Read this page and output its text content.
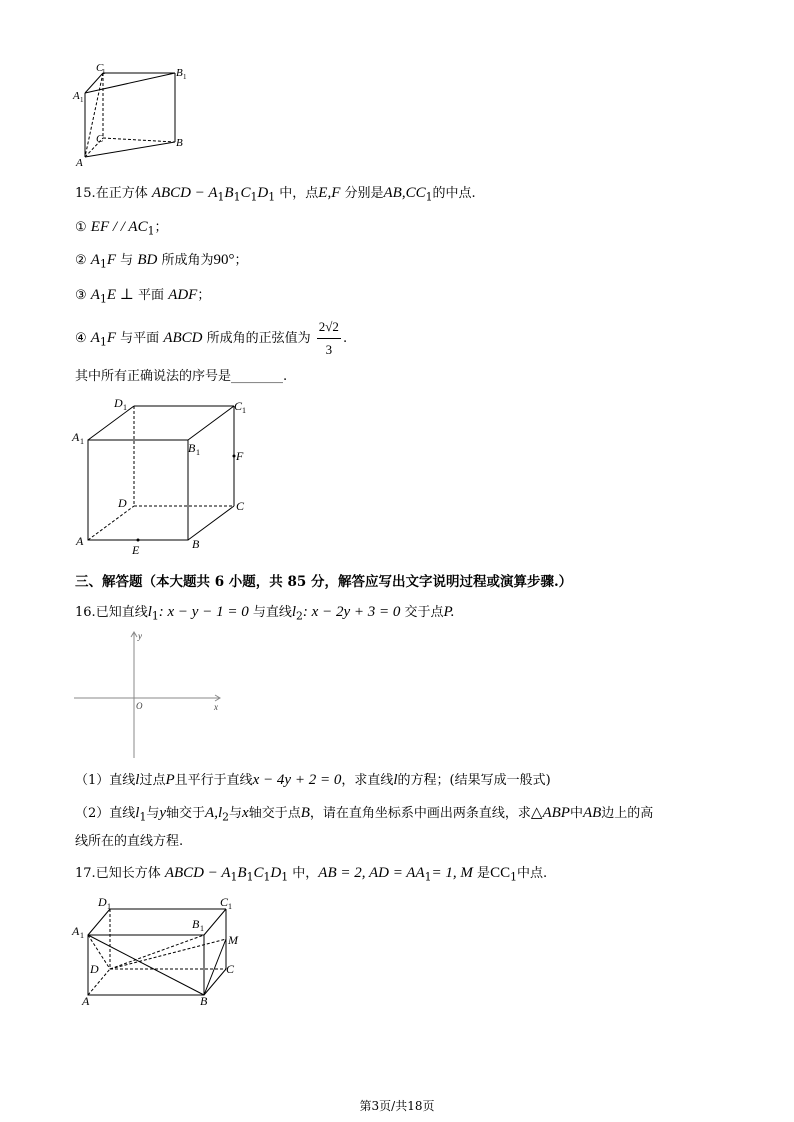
C
1	B 1
A 1
C	B
A
15.在正方体 ABCD − $A_1B_1C_1D_1$ 中，点E,F 分别是$AB,CC_1$的中点.
① EF / / $AC_1$；
② $A_1F$ 与 BD 所成角为90°；
③ $A_1E$ ⊥ 平面 ADF；
④ $A_1F$ 与平面 ABCD 所成角的正弦值为 $\frac{2√2}{3}$ .
其中所有正确说法的序号是________.
D 1	C 1
A 1	B 1	F
D	C
A
E	B
三、解答题（本大题共 6 小题，共 85 分，解答应写出文字说明过程或演算步骤.）
16.已知直线$l_1$: x − y − 1 = 0 与直线$l_2$: x − 2y + 3 = 0 交于点P.
y
x
O
（1）直线l过点P且平行于直线x − 4y + 2 = 0，求直线l的方程；(结果写成一般式)
（2）直线$l_1$与y轴交于$A,l_2$与x轴交于点B，请在直角坐标系中画出两条直线，求△ABP中AB边上的高
线所在的直线方程.
17.已知长方体 ABCD − $A_1B_1C_1D_1$ 中，AB = 2, AD = $AA_1= 1$, M 是$CC_1$中点.
D 1	C 1
A 1
B 1
M
D	C
A	B
第3页/共18页
